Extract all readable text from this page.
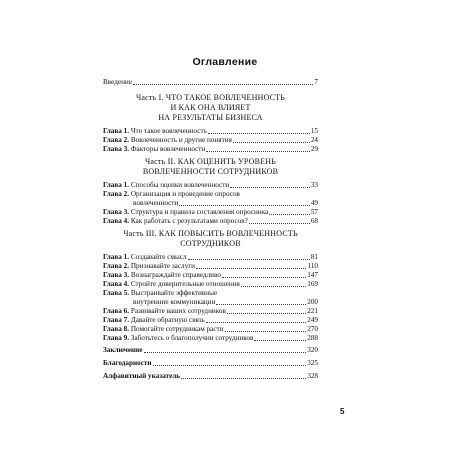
Оглавление
Введение	7
Часть I. ЧТО ТАКОЕ ВОВЛЕЧЕННОСТЬ
И КАК ОНА ВЛИЯЕТ
НА РЕЗУЛЬТАТЫ БИЗНЕСА
Глава 1. Что такое вовлеченность	15
Глава 2. Вовлеченность и другие понятия	24
Глава 3. Факторы вовлеченности	29
Часть II. КАК ОЦЕНИТЬ УРОВЕНЬ
ВОВЛЕЧЕННОСТИ СОТРУДНИКОВ
Глава 1. Способы оценки вовлеченности	33
Глава 2. Организация и проведение опросов
вовлеченности	49
Глава 3. Структура и правила составления опросника	57
Глава 4. Как работать с результатами опросов?	68
Часть III. КАК ПОВЫСИТЬ ВОВЛЕЧЕННОСТЬ
СОТРУДНИКОВ
Глава 1. Создавайте смысл	81
Глава 2. Признавайте заслуги	110
Глава 3. Вознаграждайте справедливо	147
Глава 4. Стройте доверительные отношения	169
Глава 5. Выстраивайте эффективные
внутренние коммуникации	200
Глава 6. Развивайте ваших сотрудников	221
Глава 7. Давайте обратную связь	249
Глава 8. Помогайте сотрудникам расти	270
Глава 9. Заботьтесь о благополучии сотрудников	288
Заключение	320
Благодарности	325
Алфавитный указатель	328
5
